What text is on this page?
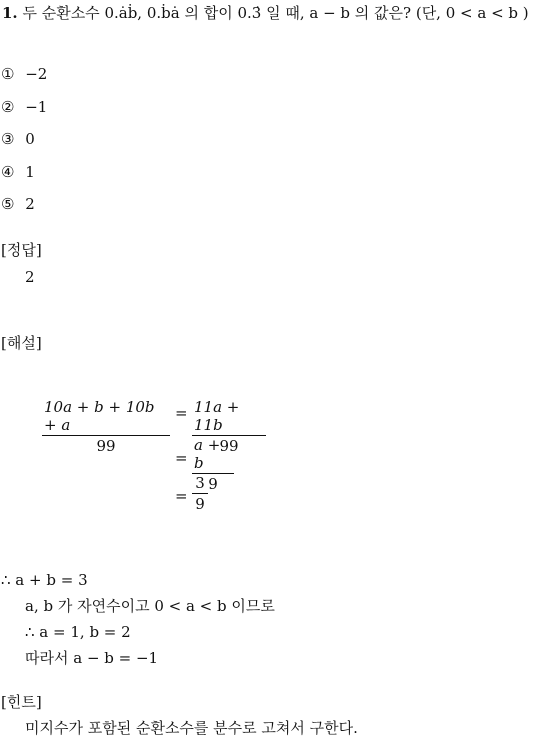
1. 두 순환소수 0.ȧḃ, 0.ḃȧ 의 합이 0.3̇ 일 때, a − b 의 값은? (단, 0 < a < b )
① −2
② −1
③ 0
④ 1
⑤ 2
[정답]
2
[해설]
10a + b + 10b + a
99
= 11a + 11b
99
=
a + b
9
=
3
9
∴ a + b = 3
a, b 가 자연수이고 0 < a < b 이므로
∴ a = 1, b = 2
따라서 a − b = −1
[힌트]
미지수가 포함된 순환소수를 분수로 고쳐서 구한다.
